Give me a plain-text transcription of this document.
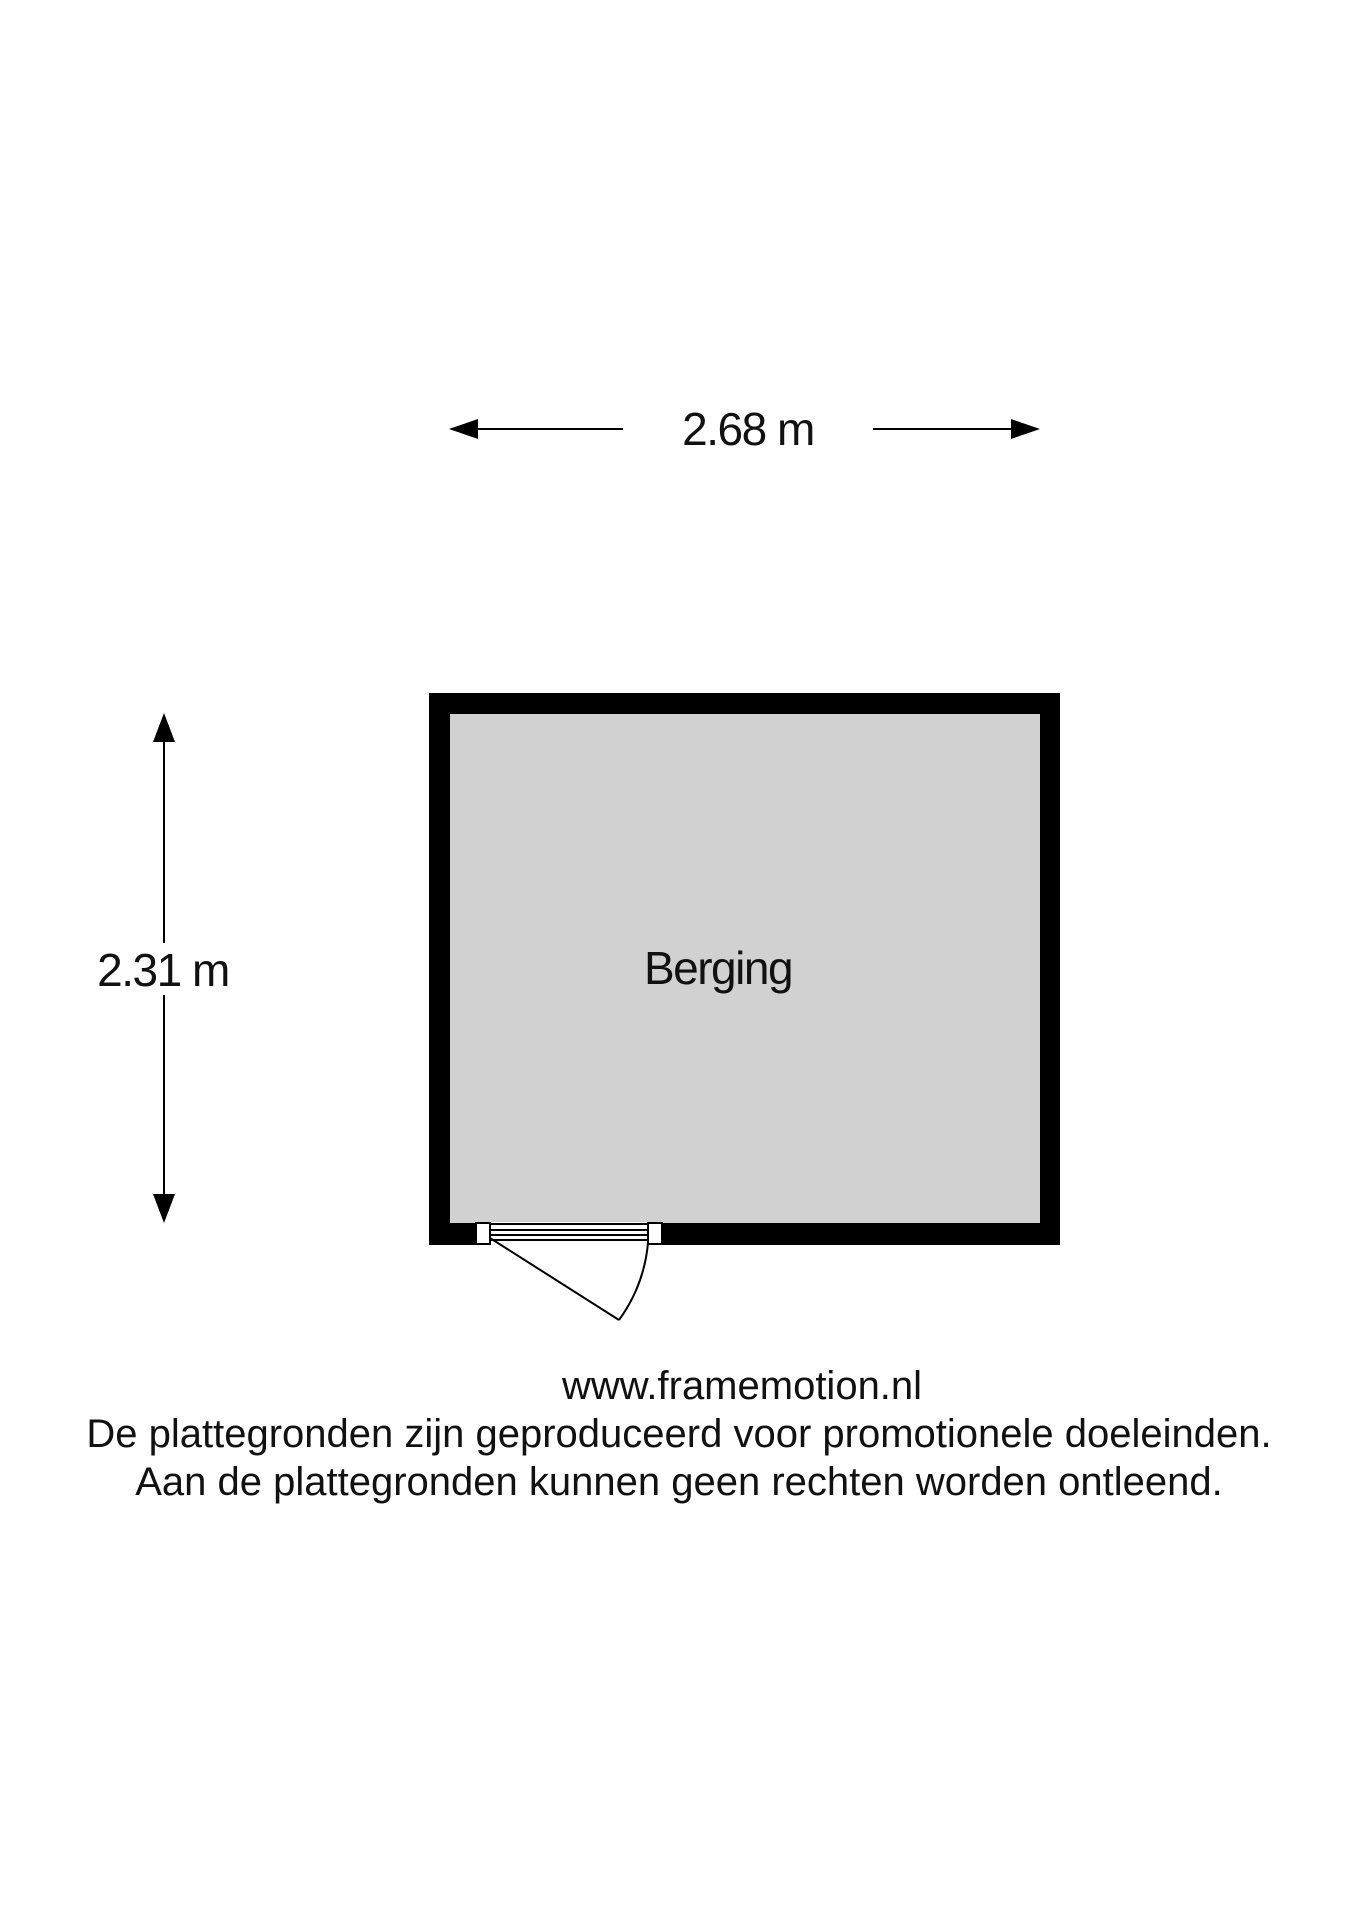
2.68 m
2.31 m	Berging
www.framemotion.nl
De plattegronden zijn geproduceerd voor promotionele doeleinden.
Aan de plattegronden kunnen geen rechten worden ontleend.
